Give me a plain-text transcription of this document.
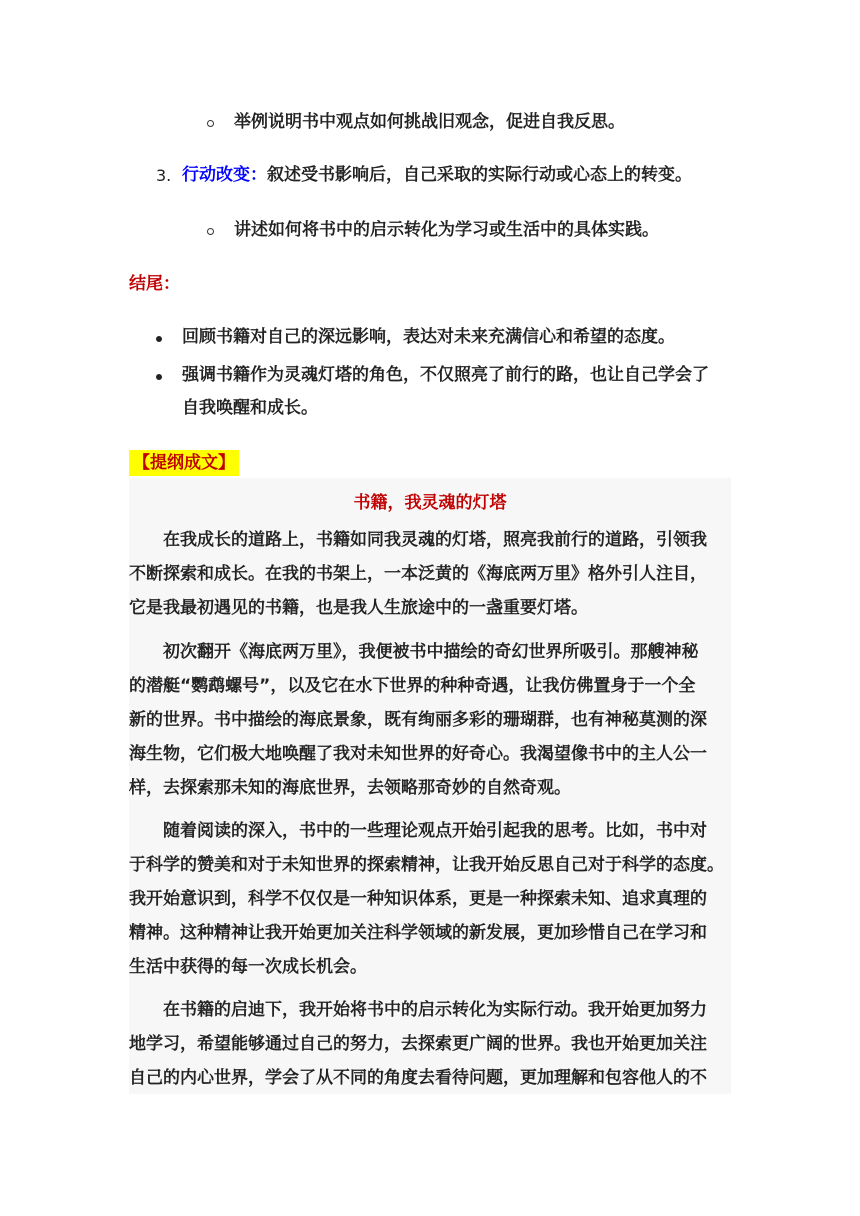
举例说明书中观点如何挑战旧观念，促进自我反思。
3. 行动改变：叙述受书影响后，自己采取的实际行动或心态上的转变。
讲述如何将书中的启示转化为学习或生活中的具体实践。
结尾：
回顾书籍对自己的深远影响，表达对未来充满信心和希望的态度。
强调书籍作为灵魂灯塔的角色，不仅照亮了前行的路，也让自己学会了
自我唤醒和成长。
【提纲成文】
书籍，我灵魂的灯塔
　　在我成长的道路上，书籍如同我灵魂的灯塔，照亮我前行的道路，引领我
不断探索和成长。在我的书架上，一本泛黄的《海底两万里》格外引人注目，
它是我最初遇见的书籍，也是我人生旅途中的一盏重要灯塔。
　　初次翻开《海底两万里》，我便被书中描绘的奇幻世界所吸引。那艘神秘
的潜艇“鹦鹉螺号”，以及它在水下世界的种种奇遇，让我仿佛置身于一个全
新的世界。书中描绘的海底景象，既有绚丽多彩的珊瑚群，也有神秘莫测的深
海生物，它们极大地唤醒了我对未知世界的好奇心。我渴望像书中的主人公一
样，去探索那未知的海底世界，去领略那奇妙的自然奇观。
　　随着阅读的深入，书中的一些理论观点开始引起我的思考。比如，书中对
于科学的赞美和对于未知世界的探索精神，让我开始反思自己对于科学的态度。
我开始意识到，科学不仅仅是一种知识体系，更是一种探索未知、追求真理的
精神。这种精神让我开始更加关注科学领域的新发展，更加珍惜自己在学习和
生活中获得的每一次成长机会。
　　在书籍的启迪下，我开始将书中的启示转化为实际行动。我开始更加努力
地学习，希望能够通过自己的努力，去探索更广阔的世界。我也开始更加关注
自己的内心世界，学会了从不同的角度去看待问题，更加理解和包容他人的不
